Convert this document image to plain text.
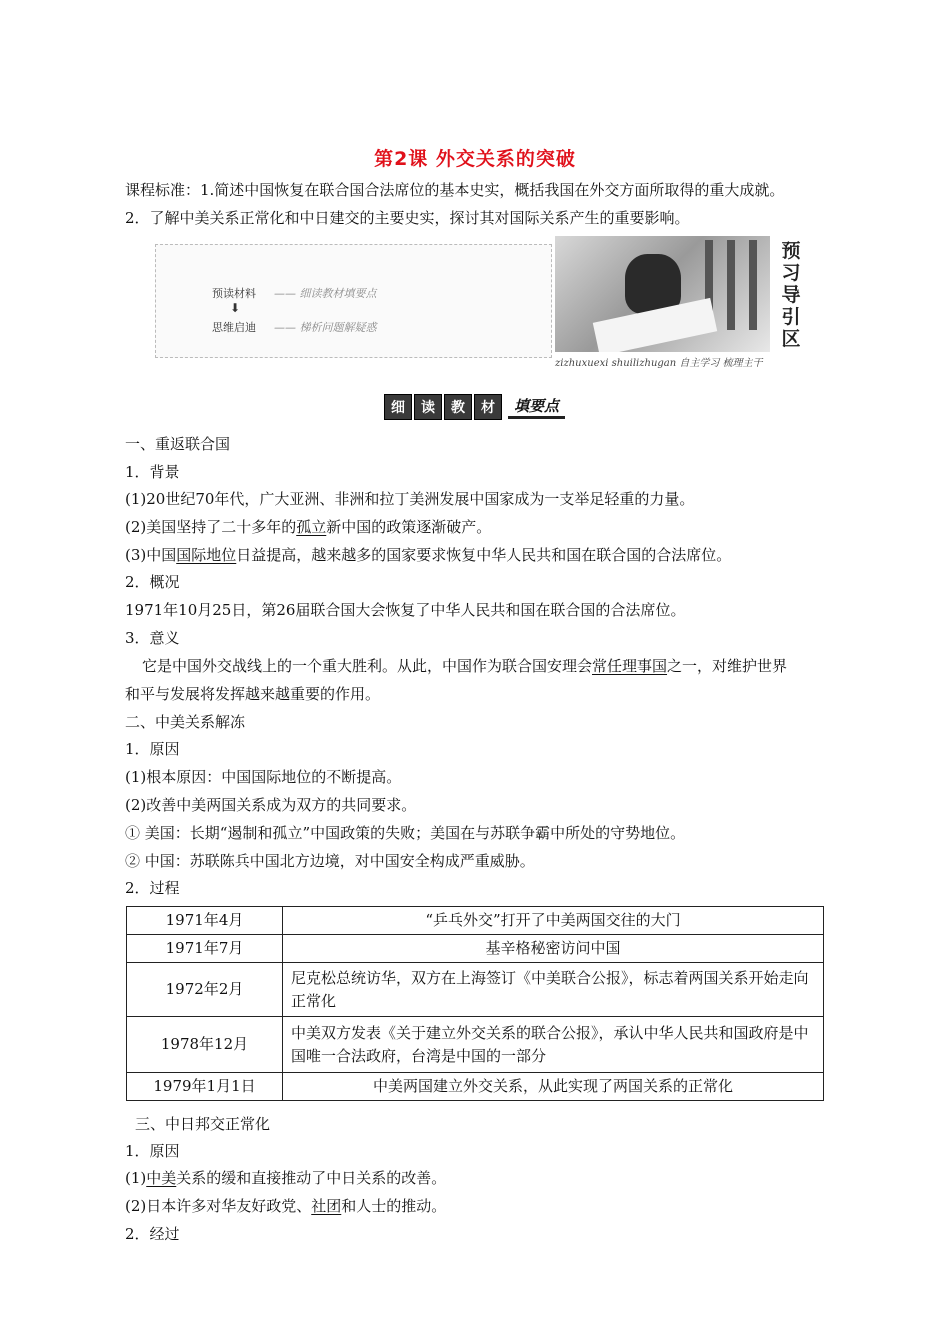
第2课 外交关系的突破
课程标准：1.简述中国恢复在联合国合法席位的基本史实，概括我国在外交方面所取得的重大成就。
2．了解中美关系正常化和中日建交的主要史实，探讨其对国际关系产生的重要影响。
预读材料 —— 细读教材填要点
⬇
思维启迪 —— 梯析问题解疑惑
预
习
导
引
区
zizhuxuexi shuilizhugan 自主学习 梳理主干
细	读	教	材	填要点
一、重返联合国
1．背景
(1)20世纪70年代，广大亚洲、非洲和拉丁美洲发展中国家成为一支举足轻重的力量。
(2)美国坚持了二十多年的孤立新中国的政策逐渐破产。
(3)中国国际地位日益提高，越来越多的国家要求恢复中华人民共和国在联合国的合法席位。
2．概况
1971年10月25日，第26届联合国大会恢复了中华人民共和国在联合国的合法席位。
3．意义
它是中国外交战线上的一个重大胜利。从此，中国作为联合国安理会常任理事国之一，对维护世界
和平与发展将发挥越来越重要的作用。
二、中美关系解冻
1．原因
(1)根本原因：中国国际地位的不断提高。
(2)改善中美两国关系成为双方的共同要求。
① 美国：长期“遏制和孤立”中国政策的失败；美国在与苏联争霸中所处的守势地位。
② 中国：苏联陈兵中国北方边境，对中国安全构成严重威胁。
2．过程
1971年4月	“乒乓外交”打开了中美两国交往的大门
1971年7月	基辛格秘密访问中国
1972年2月	尼克松总统访华，双方在上海签订《中美联合公报》，标志着两国关系开始走向正常化
1978年12月	中美双方发表《关于建立外交关系的联合公报》，承认中华人民共和国政府是中国唯一合法政府，台湾是中国的一部分
1979年1月1日	中美两国建立外交关系，从此实现了两国关系的正常化
三、中日邦交正常化
1．原因
(1)中美关系的缓和直接推动了中日关系的改善。
(2)日本许多对华友好政党、社团和人士的推动。
2．经过
